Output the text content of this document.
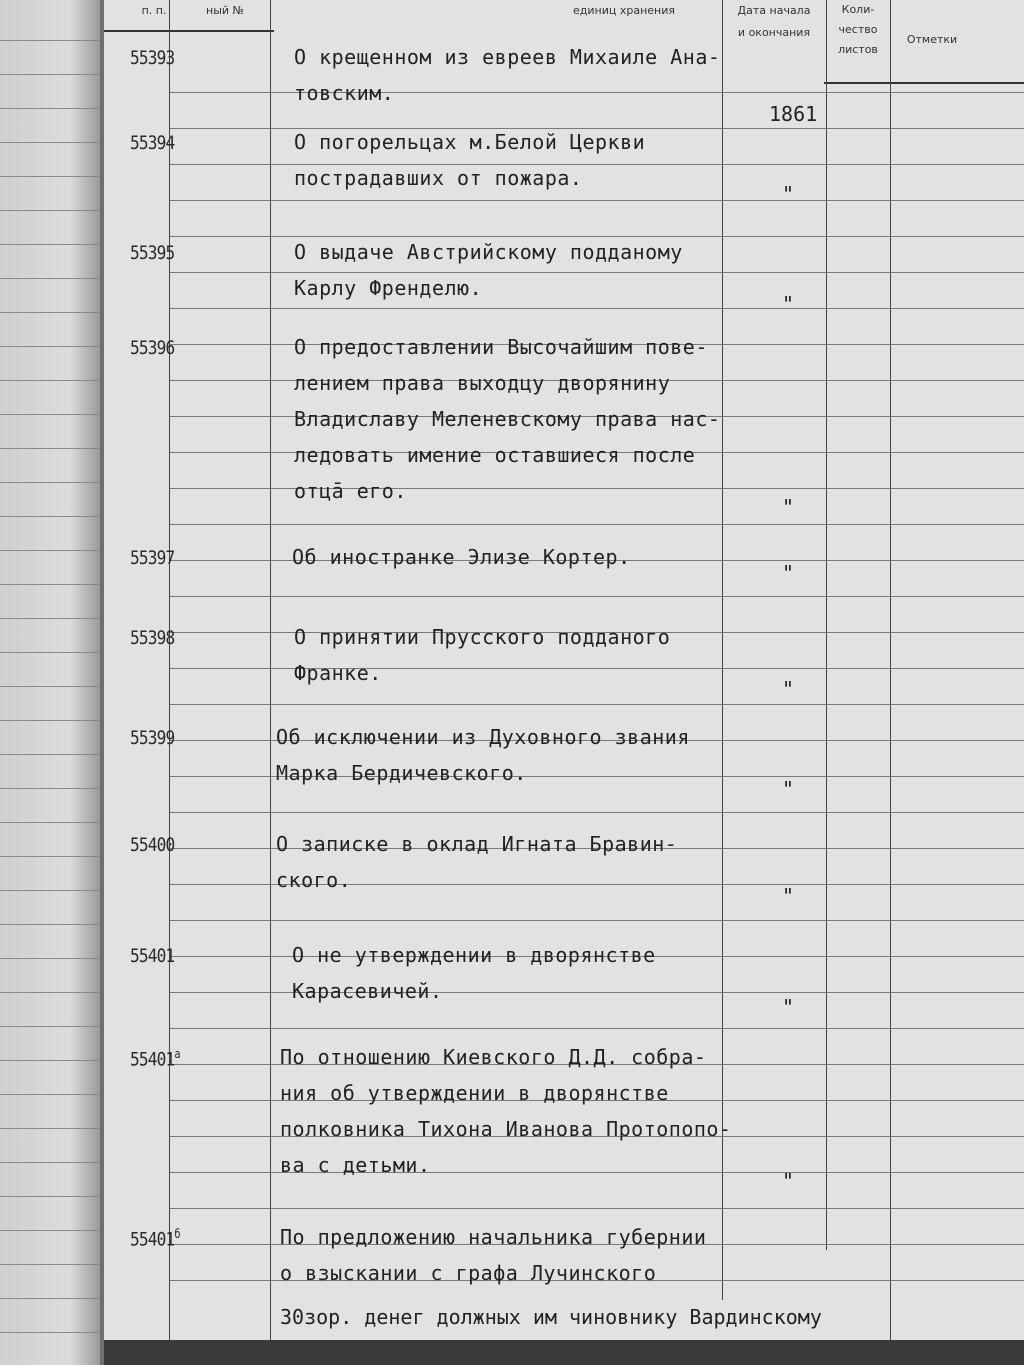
п. п.	ный №	единиц хранения	Дата начала
и окончания
Коли-
чество
листов
Отметки
55393	О крещенном из евреев Михаиле Ана-
товским.
1861
55394	О погорельцах м.Белой Церкви
пострадавших от пожара.
"
55395	О выдаче Австрийскому подданому
Карлу Френделю.
"
55396	О предоставлении Высочайшим пове-
лением права выходцу дворянину
Владиславу Меленевскому права нас-
ледовать имение оставшиеся после
отцā его.
"
55397	Об иностранке Элизе Кортер.
"
55398	О принятии Прусского подданого
Франке.
"
55399	Об исключении из Духовного звания
Марка Бердичевского.
"
55400	О записке в оклад Игната Бравин-
ского.
"
55401	О не утверждении в дворянстве
Карасевичей.
"
$55401^а$	По отношению Киевского Д.Д. собра-
ния об утверждении в дворянстве
полковника Тихона Иванова Протопопо-
ва с детьми.
"
$55401^б$	По предложению начальника губернии
о взыскании с графа Лучинского
30зор. денег должных им чиновнику Вардинскому
